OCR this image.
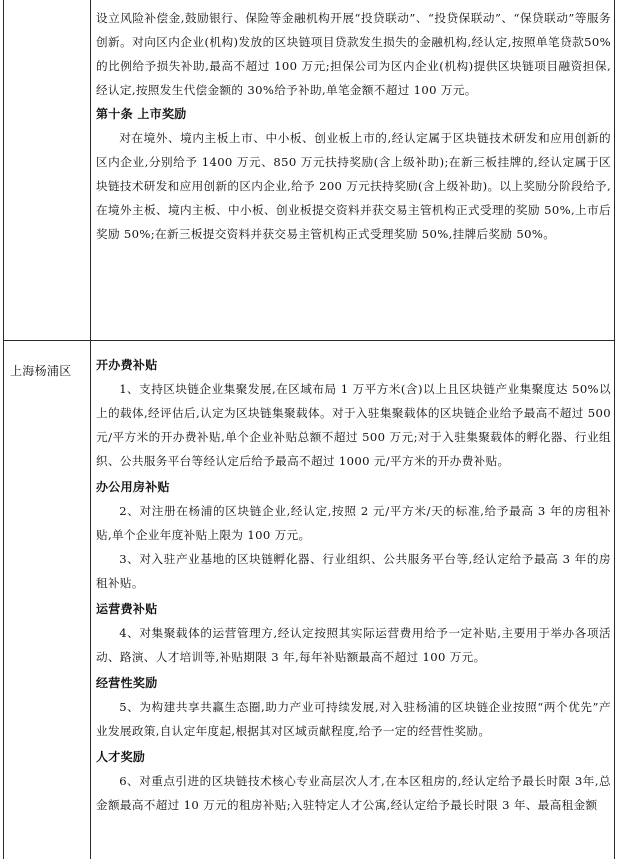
设立风险补偿金,鼓励银行、保险等金融机构开展“投贷联动”、“投贷保联动”、“保贷联动”等服务创新。对向区内企业(机构)发放的区块链项目贷款发生损失的金融机构,经认定,按照单笔贷款50%的比例给予损失补助,最高不超过 100 万元;担保公司为区内企业(机构)提供区块链项目融资担保,经认定,按照发生代偿金额的 30%给予补助,单笔金额不超过 100 万元。

第十条 上市奖励

对在境外、境内主板上市、中小板、创业板上市的,经认定属于区块链技术研发和应用创新的区内企业,分别给予 1400 万元、850 万元扶持奖励(含上级补助);在新三板挂牌的,经认定属于区块链技术研发和应用创新的区内企业,给予 200 万元扶持奖励(含上级补助)。以上奖励分阶段给予,在境外主板、境内主板、中小板、创业板提交资料并获交易主管机构正式受理的奖励 50%,上市后奖励 50%;在新三板提交资料并获交易主管机构正式受理奖励 50%,挂牌后奖励 50%。

上海杨浦区 开办费补贴

1、支持区块链企业集聚发展,在区域布局 1 万平方米(含)以上且区块链产业集聚度达 50%以上的载体,经评估后,认定为区块链集聚载体。对于入驻集聚载体的区块链企业给予最高不超过 500元/平方米的开办费补贴,单个企业补贴总额不超过 500 万元;对于入驻集聚载体的孵化器、行业组织、公共服务平台等经认定后给予最高不超过 1000 元/平方米的开办费补贴。

办公用房补贴

2、对注册在杨浦的区块链企业,经认定,按照 2 元/平方米/天的标准,给予最高 3 年的房租补贴,单个企业年度补贴上限为 100 万元。

3、对入驻产业基地的区块链孵化器、行业组织、公共服务平台等,经认定给予最高 3 年的房租补贴。

运营费补贴

4、对集聚载体的运营管理方,经认定按照其实际运营费用给予一定补贴,主要用于举办各项活动、路演、人才培训等,补贴期限 3 年,每年补贴额最高不超过 100 万元。

经营性奖励

5、为构建共享共赢生态圈,助力产业可持续发展,对入驻杨浦的区块链企业按照“两个优先”产业发展政策,自认定年度起,根据其对区域贡献程度,给予一定的经营性奖励。

人才奖励

6、对重点引进的区块链技术核心专业高层次人才,在本区租房的,经认定给予最长时限 3年,总金额最高不超过 10 万元的租房补贴;入驻特定人才公寓,经认定给予最长时限 3 年、最高租金额
